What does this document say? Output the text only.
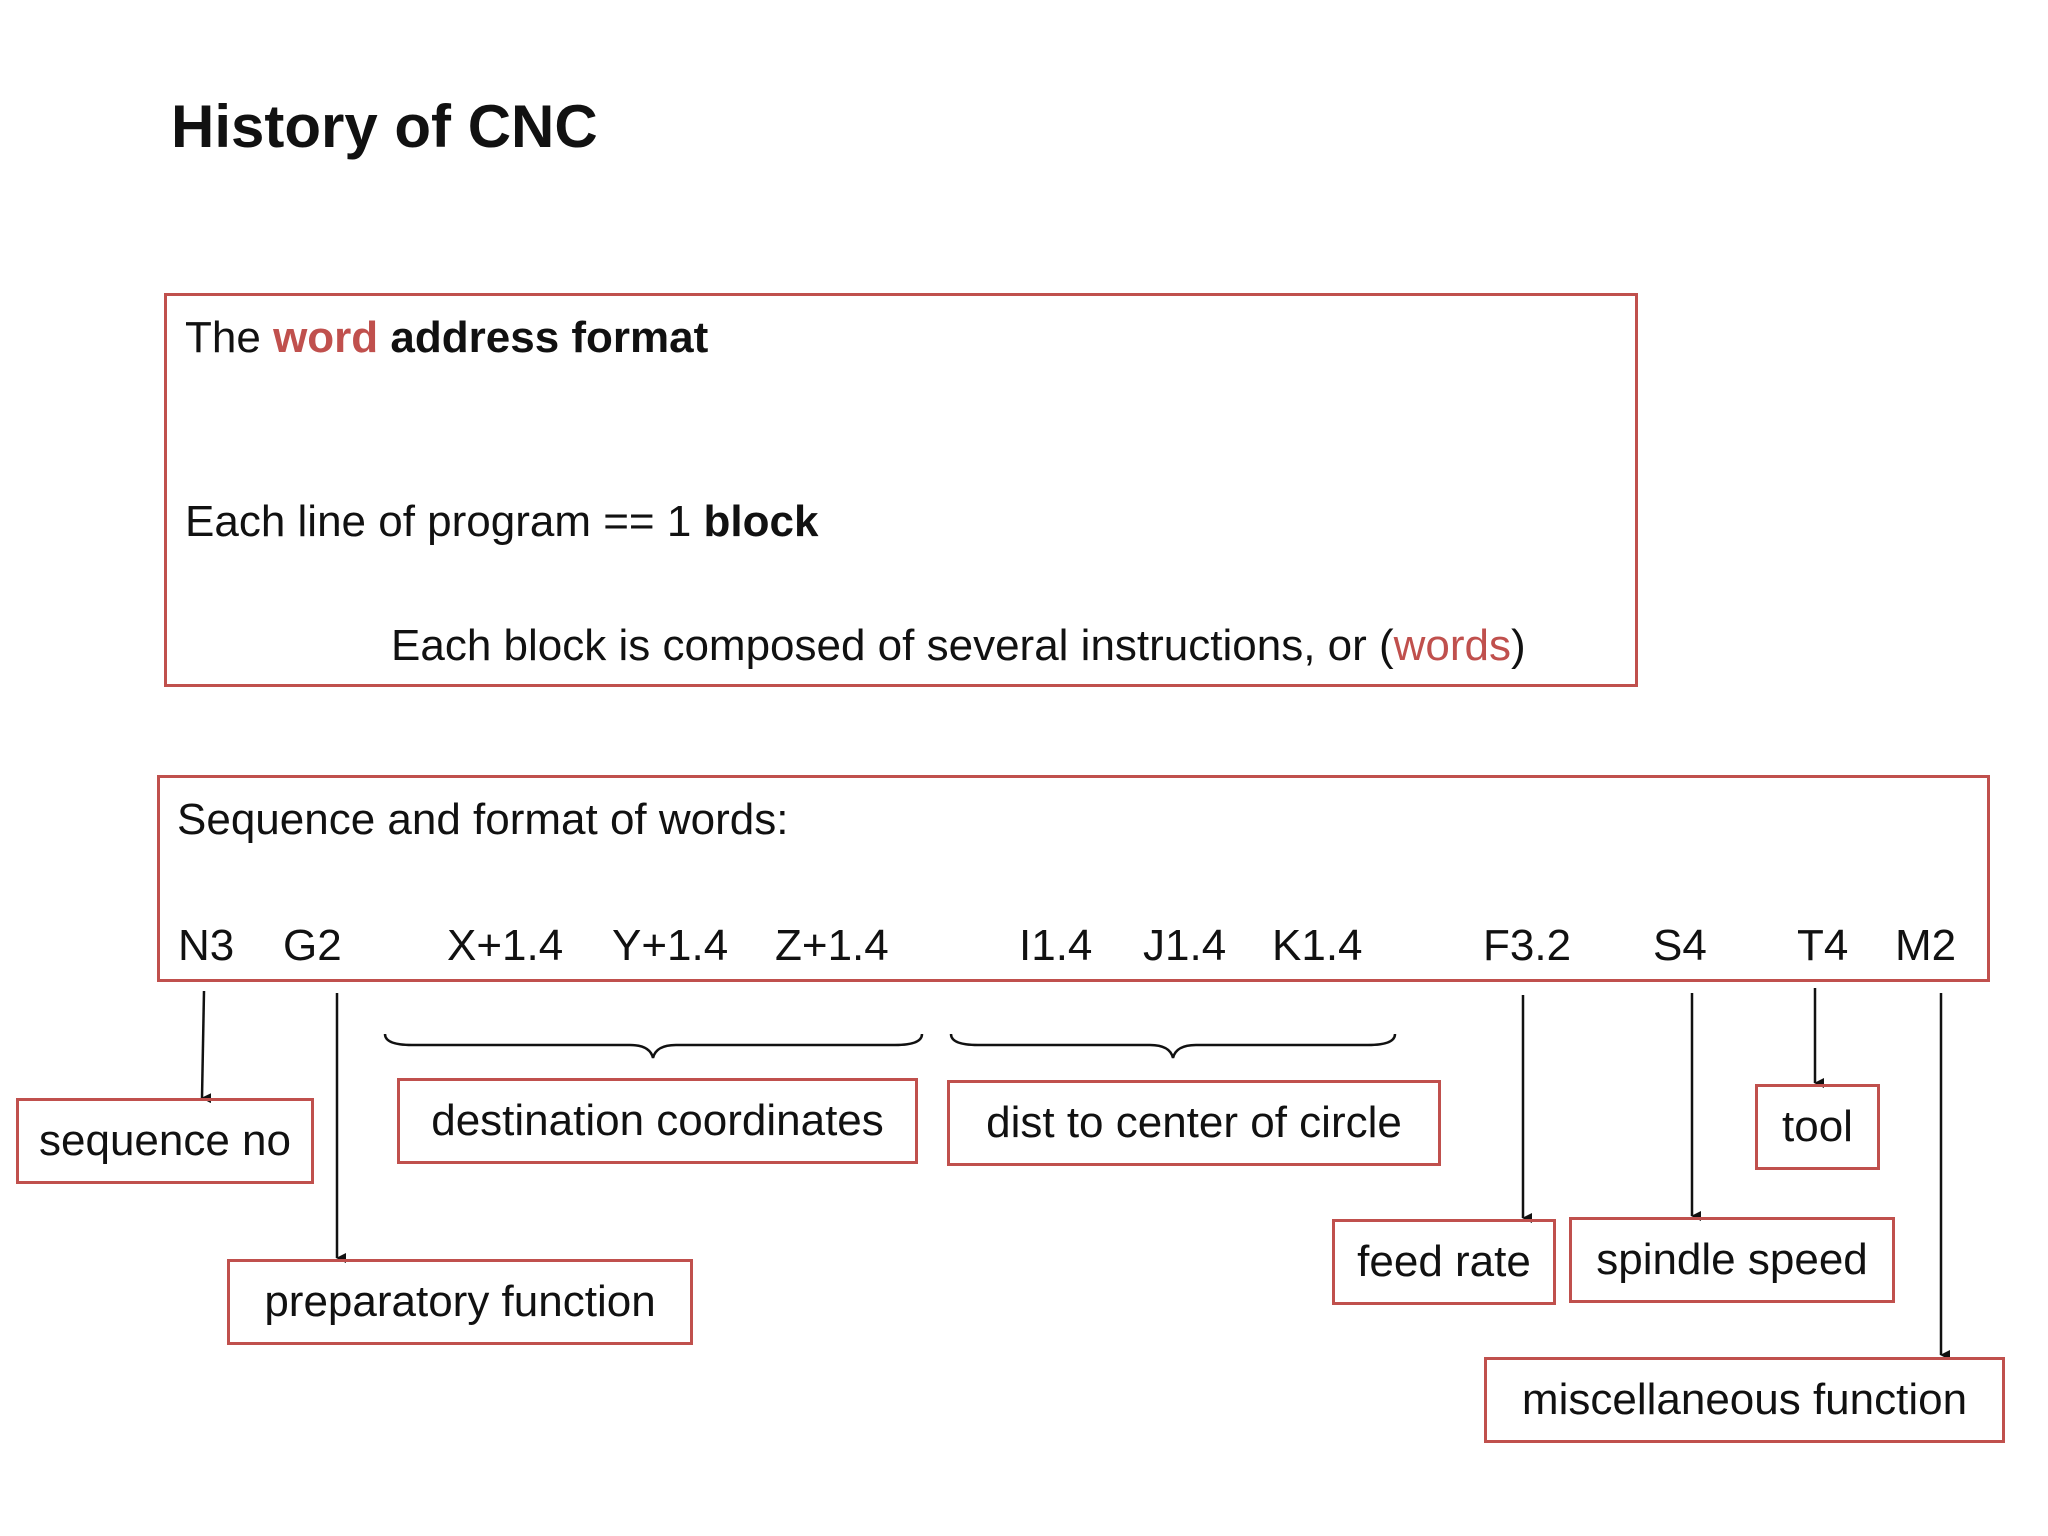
History of CNC
The word address format
Each line of program == 1 block
Each block is composed of several instructions, or (words)
Sequence and format of words:
N3 G2 X+1.4 Y+1.4 Z+1.4	I1.4 J1.4 K1.4	F3.2 S4 T4 M2
sequence no
preparatory function
destination coordinates	dist to center of circle
feed rate	spindle speed
tool
miscellaneous function
